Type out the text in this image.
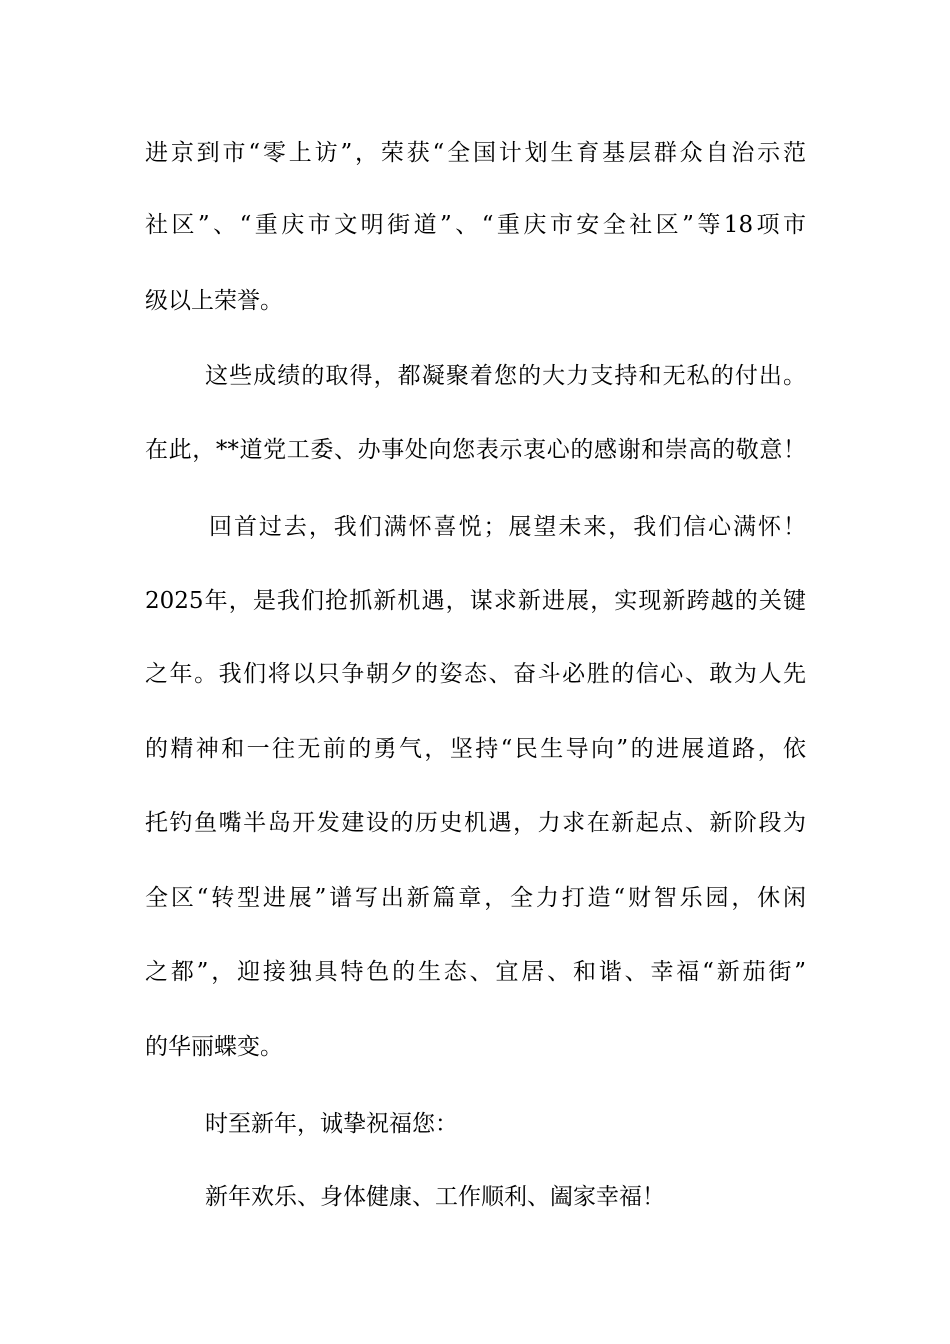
进京到市“零上访”，荣获“全国计划生育基层群众自治示范
社区”、“重庆市文明街道”、“重庆市安全社区”等18项市
级以上荣誉。
这些成绩的取得，都凝聚着您的大力支持和无私的付出。
在此，**道党工委、办事处向您表示衷心的感谢和崇高的敬意！
回首过去，我们满怀喜悦；展望未来，我们信心满怀！
2025年，是我们抢抓新机遇，谋求新进展，实现新跨越的关键
之年。我们将以只争朝夕的姿态、奋斗必胜的信心、敢为人先
的精神和一往无前的勇气，坚持“民生导向”的进展道路，依
托钓鱼嘴半岛开发建设的历史机遇，力求在新起点、新阶段为
全区“转型进展”谱写出新篇章，全力打造“财智乐园，休闲
之都”，迎接独具特色的生态、宜居、和谐、幸福“新茄街”
的华丽蝶变。
时至新年，诚挚祝福您：
新年欢乐、身体健康、工作顺利、阖家幸福！
